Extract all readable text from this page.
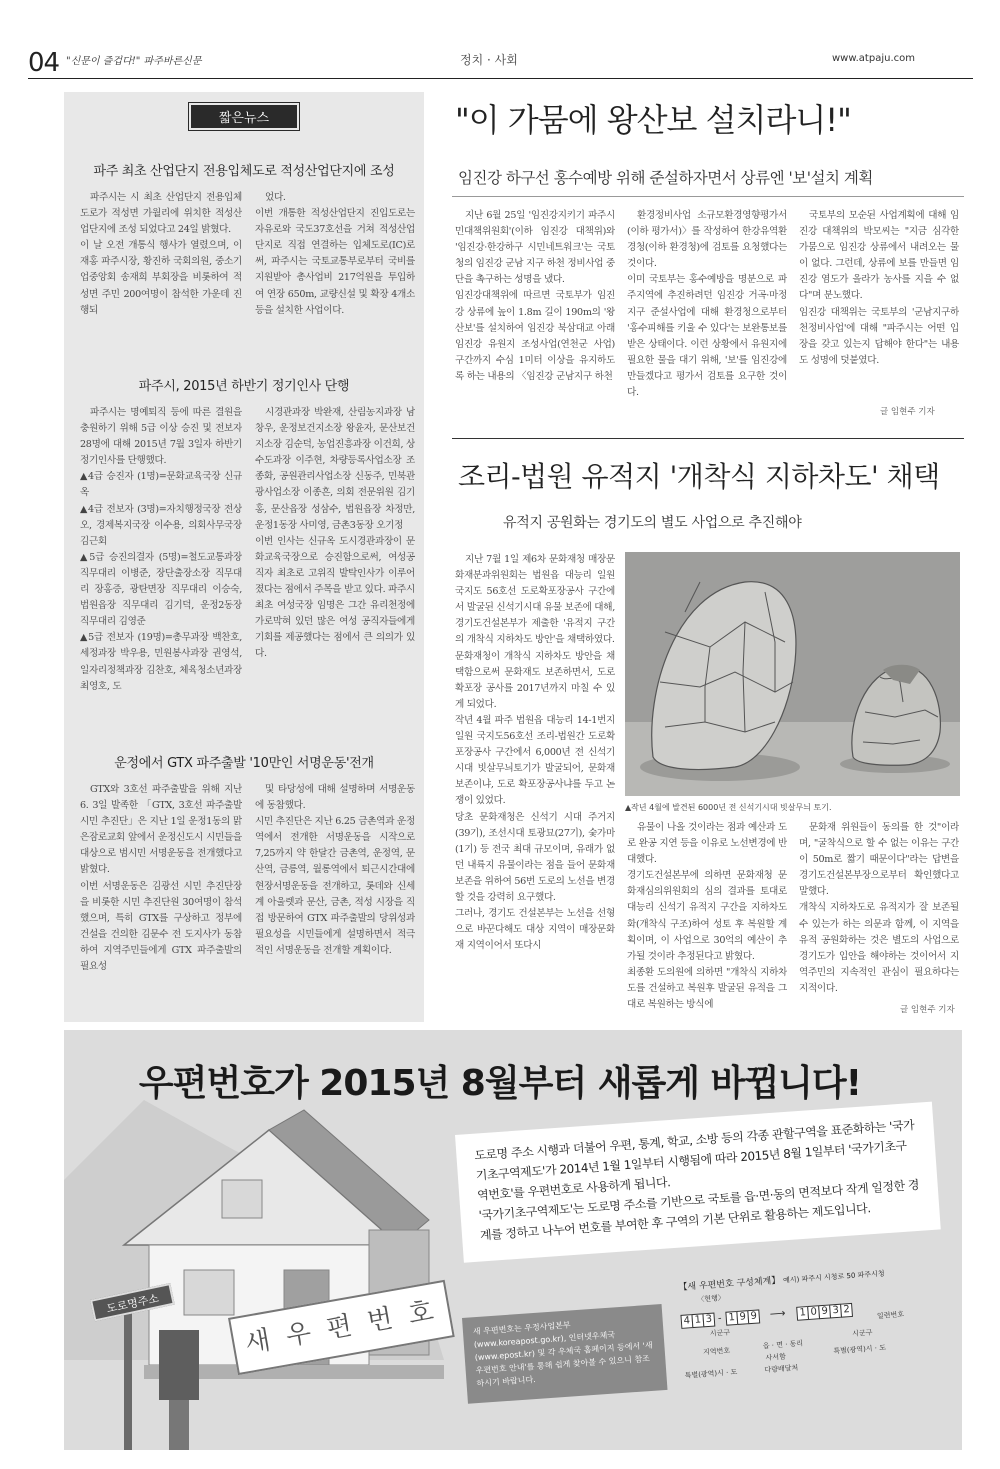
04 "신문이 즐겁다!" 파주바른신문	정치 · 사회	www.atpaju.com
짧은뉴스
파주 최초 산업단지 전용입체도로 적성산업단지에 조성

파주시는 시 최초 산업단지 전용입체도로가 적성면 가월리에 위치한 적성산업단지에 조성 되었다고 24일 밝혔다.
이 날 오전 개통식 행사가 열렸으며, 이재홍 파주시장, 황진하 국회의원, 중소기업중앙회 송재희 부회장을 비롯하여 적성면 주민 200여명이 참석한 가운데 진행되

었다.
이번 개통한 적성산업단지 진입도로는 자유로와 국도37호선을 거쳐 적성산업단지로 직접 연결하는 입체도로(IC)로써, 파주시는 국토교통부로부터 국비를 지원받아 총사업비 217억원을 투입하여 연장 650m, 교량신설 및 확장 4개소 등을 설치한 사업이다.

파주시, 2015년 하반기 정기인사 단행

파주시는 명예퇴직 등에 따른 결원을 충원하기 위해 5급 이상 승진 및 전보자 28명에 대해 2015년 7월 3일자 하반기 정기인사를 단행했다.
▲4급 승진자 (1명)=문화교육국장 신규옥
▲4급 전보자 (3명)=자치행정국장 전상오, 경제복지국장 이수용, 의회사무국장 김근회
▲5급 승진의결자 (5명)=철도교통과장 직무대리 이병준, 장단출장소장 직무대리 장홍증, 광탄면장 직무대리 이승숙, 법원읍장 직무대리 김기덕, 운정2동장 직무대리 김영준
▲5급 전보자 (19명)=총무과장 백찬호, 세정과장 박우용, 민원봉사과장 권영석, 일자리정책과장 김찬호, 체육청소년과장 최영호, 도

시경관과장 박완재, 산림농지과장 남창우, 운정보건지소장 왕윤자, 문산보건지소장 김순덕, 농업진흥과장 이건희, 상수도과장 이주현, 차량등록사업소장 조종화, 공원관리사업소장 신동주, 민북관광사업소장 이종흔, 의회 전문위원 김기홍, 문산읍장 성삼수, 법원읍장 차정만, 운정1동장 사미영, 금촌3동장 오기정
이번 인사는 신규옥 도시경관과장이 문화교육국장으로 승진함으로써, 여성공직자 최초로 고위직 발탁인사가 이루어졌다는 점에서 주목을 받고 있다. 파주시 최초 여성국장 임명은 그간 유리천정에 가로막혀 있던 많은 여성 공직자들에게 기회를 제공했다는 점에서 큰 의의가 있다.

운정에서 GTX 파주출발 '10만인 서명운동'전개

GTX와 3호선 파주출발을 위해 지난 6. 3일 발족한 「GTX, 3호선 파주출발 시민 추진단」은 지난 1일 운정1동의 맑은잠로교회 앞에서 운정신도시 시민들을 대상으로 범시민 서명운동을 전개했다고 밝혔다.
이번 서명운동은 김광선 시민 추진단장을 비롯한 시민 추진단원 30여명이 참석했으며, 특히 GTX를 구상하고 정부에 건설을 건의한 김문수 전 도지사가 동참하여 지역주민들에게 GTX 파주출발의 필요성

및 타당성에 대해 설명하며 서명운동에 동참했다.
시민 추진단은 지난 6.25 금촌역과 운정역에서 전개한 서명운동을 시작으로 7,25까지 약 한달간 금촌역, 운정역, 문산역, 금릉역, 월롱역에서 퇴근시간대에 현장서명운동을 전개하고, 롯데와 신세계 아울렛과 문산, 금촌, 적성 시장을 직접 방문하여 GTX 파주출발의 당위성과 필요성을 시민들에게 설명하면서 적극적인 서명운동을 전개할 계획이다.

"이 가뭄에 왕산보 설치라니!"
임진강 하구선 홍수예방 위해 준설하자면서 상류엔 '보'설치 계획

지난 6월 25일 '임진강지키기 파주시민대책위원회'(이하 임진강 대책위)와 '임진강·한강하구 시민네트워크'는 국토청의 임진강 군남 지구 하천 정비사업 중단을 촉구하는 성명을 냈다.
임진강대책위에 따르면 국토부가 임진강 상류에 높이 1.8m 길이 190m의 '왕산보'를 설치하여 임진강 북삼대교 아래 임진강 유원지 조성사업(연천군 사업) 구간까지 수심 1미터 이상을 유지하도록 하는 내용의 〈임진강 군남지구 하천

환경정비사업 소규모환경영향평가서(이하 평가서)〉를 작성하여 한강유역환경청(이하 환경청)에 검토를 요청했다는 것이다.
이미 국토부는 홍수예방을 명분으로 파주지역에 추진하려던 임진강 거곡·마정지구 준설사업에 대해 환경청으로부터 '홍수피해를 키울 수 있다'는 보완통보를 받은 상태이다. 이런 상황에서 유원지에 필요한 물을 대기 위해, '보'를 임진강에 만들겠다고 평가서 검토를 요구한 것이다.

국토부의 모순된 사업계획에 대해 임진강 대책위의 박모씨는 "지금 심각한 가뭄으로 임진강 상류에서 내려오는 물이 없다. 그런데, 상류에 보를 만들면 임진강 염도가 올라가 농사를 지을 수 없다"며 분노했다.
임진강 대책위는 국토부의 '군남지구하천정비사업'에 대해 "파주시는 어떤 입장을 갖고 있는지 답해야 한다"는 내용도 성명에 덧붙였다.

글 임현주 기자
조리-법원 유적지 '개착식 지하차도' 채택
유적지 공원화는 경기도의 별도 사업으로 추진해야

지난 7월 1일 제6차 문화재청 매장문화재분과위원회는 법원읍 대능리 일원 국지도 56호선 도로확포장공사 구간에서 발굴된 신석기시대 유물 보존에 대해, 경기도건설본부가 제출한 '유적지 구간의 개착식 지하차도 방안'을 채택하였다.
문화재청이 개착식 지하차도 방안을 채택함으로써 문화재도 보존하면서, 도로 확포장 공사를 2017년까지 마칠 수 있게 되었다.
작년 4월 파주 법원읍 대능리 14-1번지 일원 국지도56호선 조리-법원간 도로확포장공사 구간에서 6,000년 전 신석기시대 빗살무늬토기가 발굴되어, 문화재 보존이냐, 도로 확포장공사냐를 두고 논쟁이 있었다.
당초 문화재청은 신석기 시대 주거지(39기), 조선시대 토광묘(27기), 숯가마(1기) 등 전국 최대 규모이며, 유래가 없던 내륙지 유물이라는 점을 들어 문화재 보존을 위하여 56번 도로의 노선을 변경할 것을 강력히 요구했다.
그러나, 경기도 건설본부는 노선을 선형으로 바꾼다해도 대상 지역이 매장문화재 지역이어서 또다시

▲작년 4월에 발견된 6000년 전 신석기시대 빗살무늬 토기.

유물이 나올 것이라는 점과 예산과 도로 완공 지연 등을 이유로 노선변경에 반대했다.
경기도건설본부에 의하면 문화재청 문화재심의위원회의 심의 결과를 토대로 대능리 신석기 유적지 구간을 지하차도화(개착식 구조)하여 성토 후 복원할 계획이며, 이 사업으로 30억의 예산이 추가될 것이라 추정된다고 밝혔다.
최종환 도의원에 의하면 "개착식 지하차도를 건설하고 복원후 발굴된 유적을 그대로 복원하는 방식에

문화재 위원들이 동의를 한 것"이라며, "굴착식으로 할 수 없는 이유는 구간이 50m로 짧기 때문이다"라는 답변을 경기도건설본부장으로부터 확인했다고 말했다.
개착식 지하차도로 유적지가 잘 보존될 수 있는가 하는 의문과 함께, 이 지역을 유적 공원화하는 것은 별도의 사업으로 경기도가 입안을 해야하는 것이어서 지역주민의 지속적인 관심이 필요하다는 지적이다.

글 임현주 기자
도로명주소	새 우 편 번 호
우편번호가 2015년 8월부터 새롭게 바뀝니다!
도로명 주소 시행과 더불어 우편, 통계, 학교, 소방 등의 각종 관할구역을 표준화하는 '국가기초구역제도'가 2014년 1월 1일부터 시행됨에 따라 2015년 8월 1일부터 '국가기초구역번호'를 우편번호로 사용하게 됩니다.
'국가기초구역제도'는 도로명 주소를 기반으로 국토를 읍·면·동의 면적보다 작게 일정한 경계를 정하고 나누어 번호를 부여한 후 구역의 기본 단위로 활용하는 제도입니다.
새 우편번호는 우정사업본부(www.koreapost.go.kr), 인터넷우체국(www.epost.kr) 및 각 우체국 홈페이지 등에서 '새 우편번호 안내'를 통해 쉽게 찾아볼 수 있으니 참조하시기 바랍니다.
【새 우편번호 구성체계】 예시) 파주시 시청로 50 파주시청
〈현행〉
4 1 3 - 1 9 9 ⟶ 1 0 9 3 2
특별(광역)시 · 도
시군구
지역번호
읍 · 면 · 동리
사서함
다량배달처
일련번호
시군구
특별(광역)시 · 도
